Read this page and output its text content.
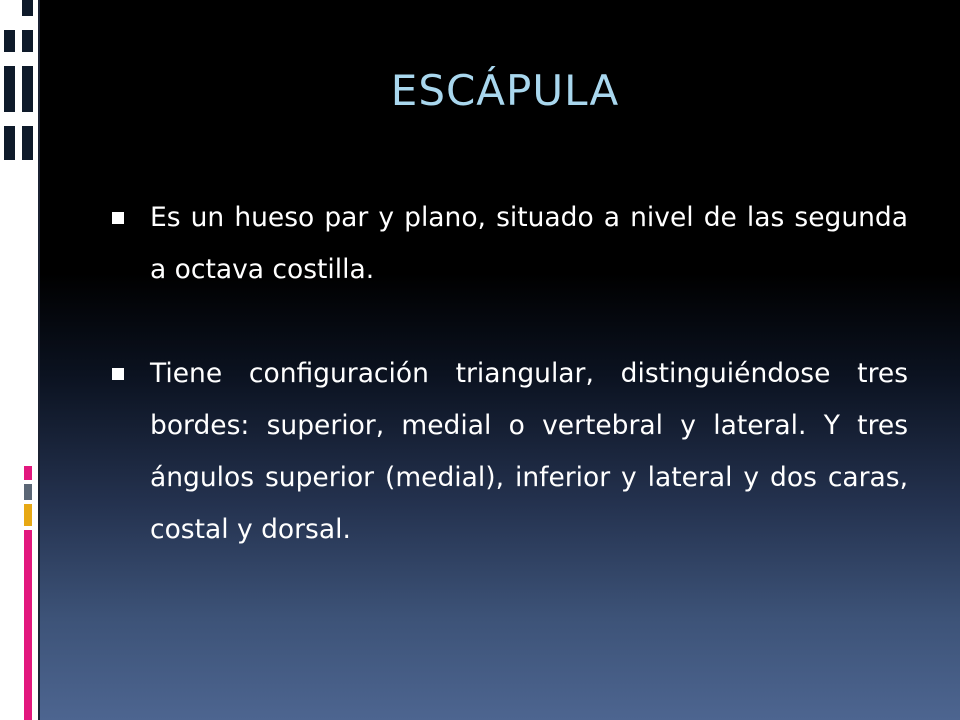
ESCÁPULA
Es un hueso par y plano, situado a nivel de las segunda a octava costilla.
Tiene configuración triangular, distinguiéndose tres bordes: superior, medial o vertebral y lateral. Y tres ángulos superior (medial), inferior y lateral y dos caras, costal y dorsal.
